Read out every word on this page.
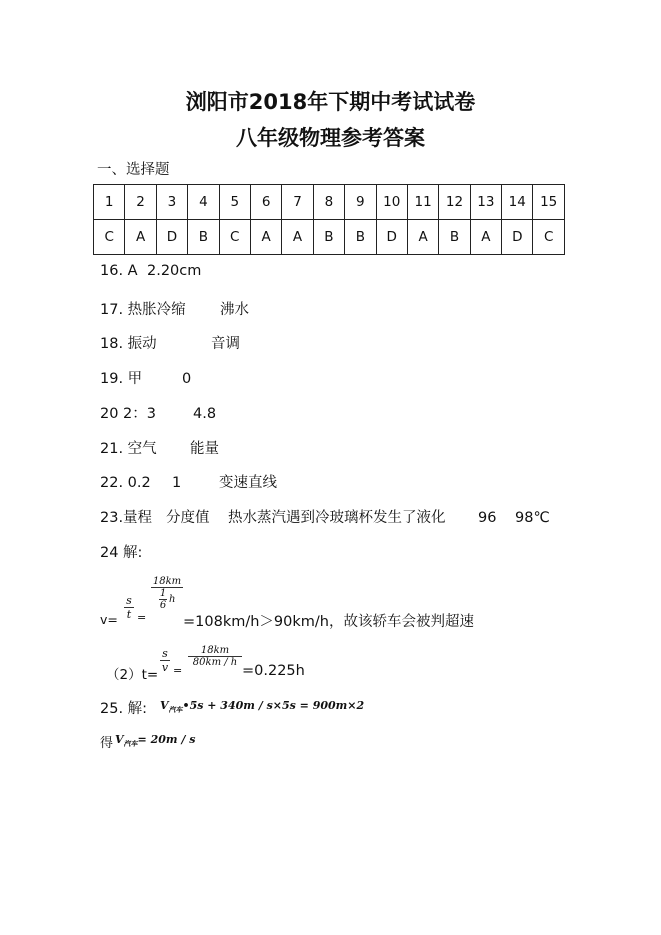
浏阳市2018年下期中考试试卷
八年级物理参考答案
一、选择题
1	2	3	4	5	6	7	8	9	10	11	12	13	14	15
C	A	D	B	C	A	A	B	B	D	A	B	A	D	C
16. A 2.20cm
17. 热胀冷缩 沸水
18. 振动	音调
19. 甲	0
20 2：3	4.8
21. 空气 能量
22. 0.2 1	变速直线
23.量程 分度值 热水蒸汽遇到冷玻璃杯发生了液化 96 98℃
24 解:
v=
s
t =
18km
1
6
h
=108km/h＞90km/h，故该轿车会被判超速
（2）t=
s
v =
18km
80km / h
=0.225h
25. 解: $V_{汽车}•5s + 340m / s\times 5s = 900m\times 2$
得 $V_{汽车}= 20m / s$
